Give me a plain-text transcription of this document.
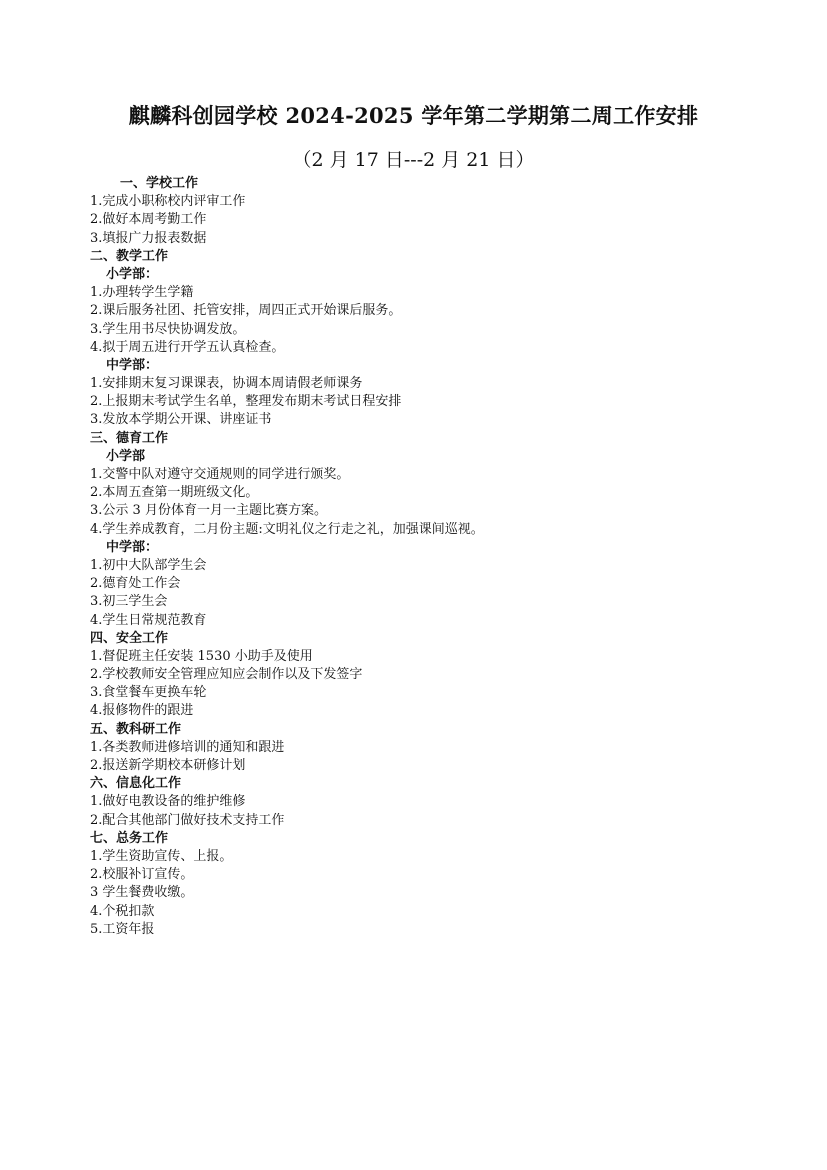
麒麟科创园学校 2024-2025 学年第二学期第二周工作安排
（2 月 17 日---2 月 21 日）
一、学校工作
1.完成小职称校内评审工作
2.做好本周考勤工作
3.填报广力报表数据
二、教学工作
小学部：
1.办理转学生学籍
2.课后服务社团、托管安排，周四正式开始课后服务。
3.学生用书尽快协调发放。
4.拟于周五进行开学五认真检查。
中学部：
1.安排期末复习课课表，协调本周请假老师课务
2.上报期末考试学生名单，整理发布期末考试日程安排
3.发放本学期公开课、讲座证书
三、德育工作
小学部
1.交警中队对遵守交通规则的同学进行颁奖。
2.本周五查第一期班级文化。
3.公示 3 月份体育一月一主题比赛方案。
4.学生养成教育，二月份主题:文明礼仪之行走之礼，加强课间巡视。
中学部：
1.初中大队部学生会
2.德育处工作会
3.初三学生会
4.学生日常规范教育
四、安全工作
1.督促班主任安装 1530 小助手及使用
2.学校教师安全管理应知应会制作以及下发签字
3.食堂餐车更换车轮
4.报修物件的跟进
五、教科研工作
1.各类教师进修培训的通知和跟进
2.报送新学期校本研修计划
六、信息化工作
1.做好电教设备的维护维修
2.配合其他部门做好技术支持工作
七、总务工作
1.学生资助宣传、上报。
2.校服补订宣传。
3 学生餐费收缴。
4.个税扣款
5.工资年报
